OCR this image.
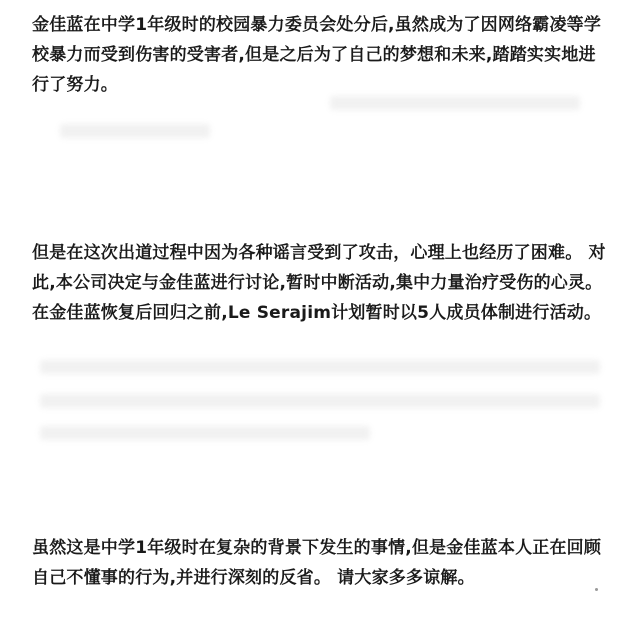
金佳蓝在中学1年级时的校园暴力委员会处分后,虽然成为了因网络霸凌等学校暴力而受到伤害的受害者,但是之后为了自己的梦想和未来,踏踏实实地进行了努力。

但是在这次出道过程中因为各种谣言受到了攻击，心理上也经历了困难。 对此,本公司决定与金佳蓝进行讨论,暂时中断活动,集中力量治疗受伤的心灵。 在金佳蓝恢复后回归之前,Le Serajim计划暂时以5人成员体制进行活动。

虽然这是中学1年级时在复杂的背景下发生的事情,但是金佳蓝本人正在回顾自己不懂事的行为,并进行深刻的反省。 请大家多多谅解。
